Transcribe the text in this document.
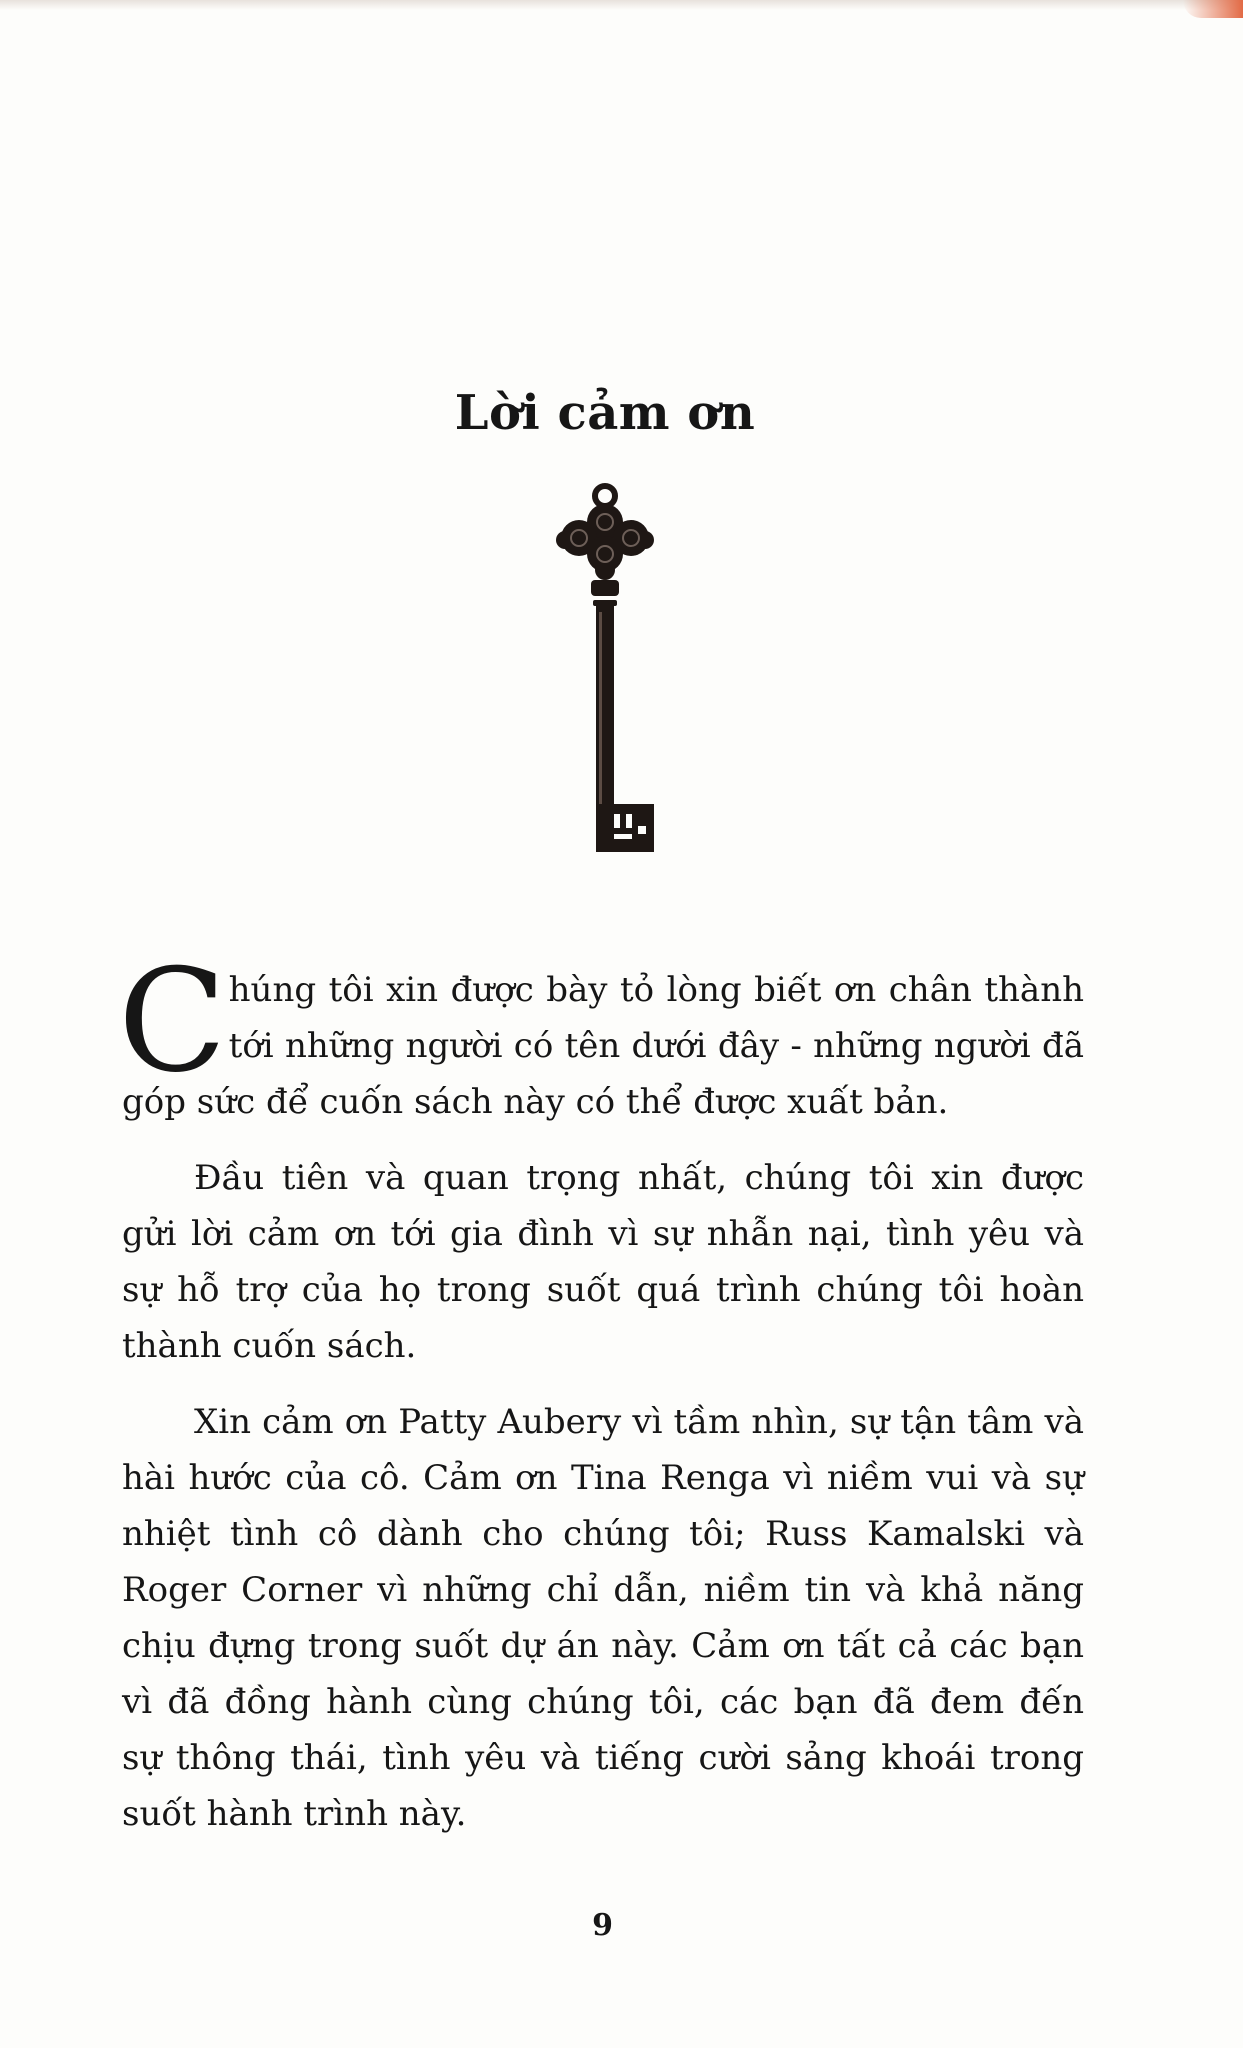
Lời cảm ơn

Chúng tôi xin được bày tỏ lòng biết ơn chân thành tới những người có tên dưới đây - những người đã góp sức để cuốn sách này có thể được xuất bản.

Đầu tiên và quan trọng nhất, chúng tôi xin được gửi lời cảm ơn tới gia đình vì sự nhẫn nại, tình yêu và sự hỗ trợ của họ trong suốt quá trình chúng tôi hoàn thành cuốn sách.

Xin cảm ơn Patty Aubery vì tầm nhìn, sự tận tâm và hài hước của cô. Cảm ơn Tina Renga vì niềm vui và sự nhiệt tình cô dành cho chúng tôi; Russ Kamalski và Roger Corner vì những chỉ dẫn, niềm tin và khả năng chịu đựng trong suốt dự án này. Cảm ơn tất cả các bạn vì đã đồng hành cùng chúng tôi, các bạn đã đem đến sự thông thái, tình yêu và tiếng cười sảng khoái trong suốt hành trình này.

9
